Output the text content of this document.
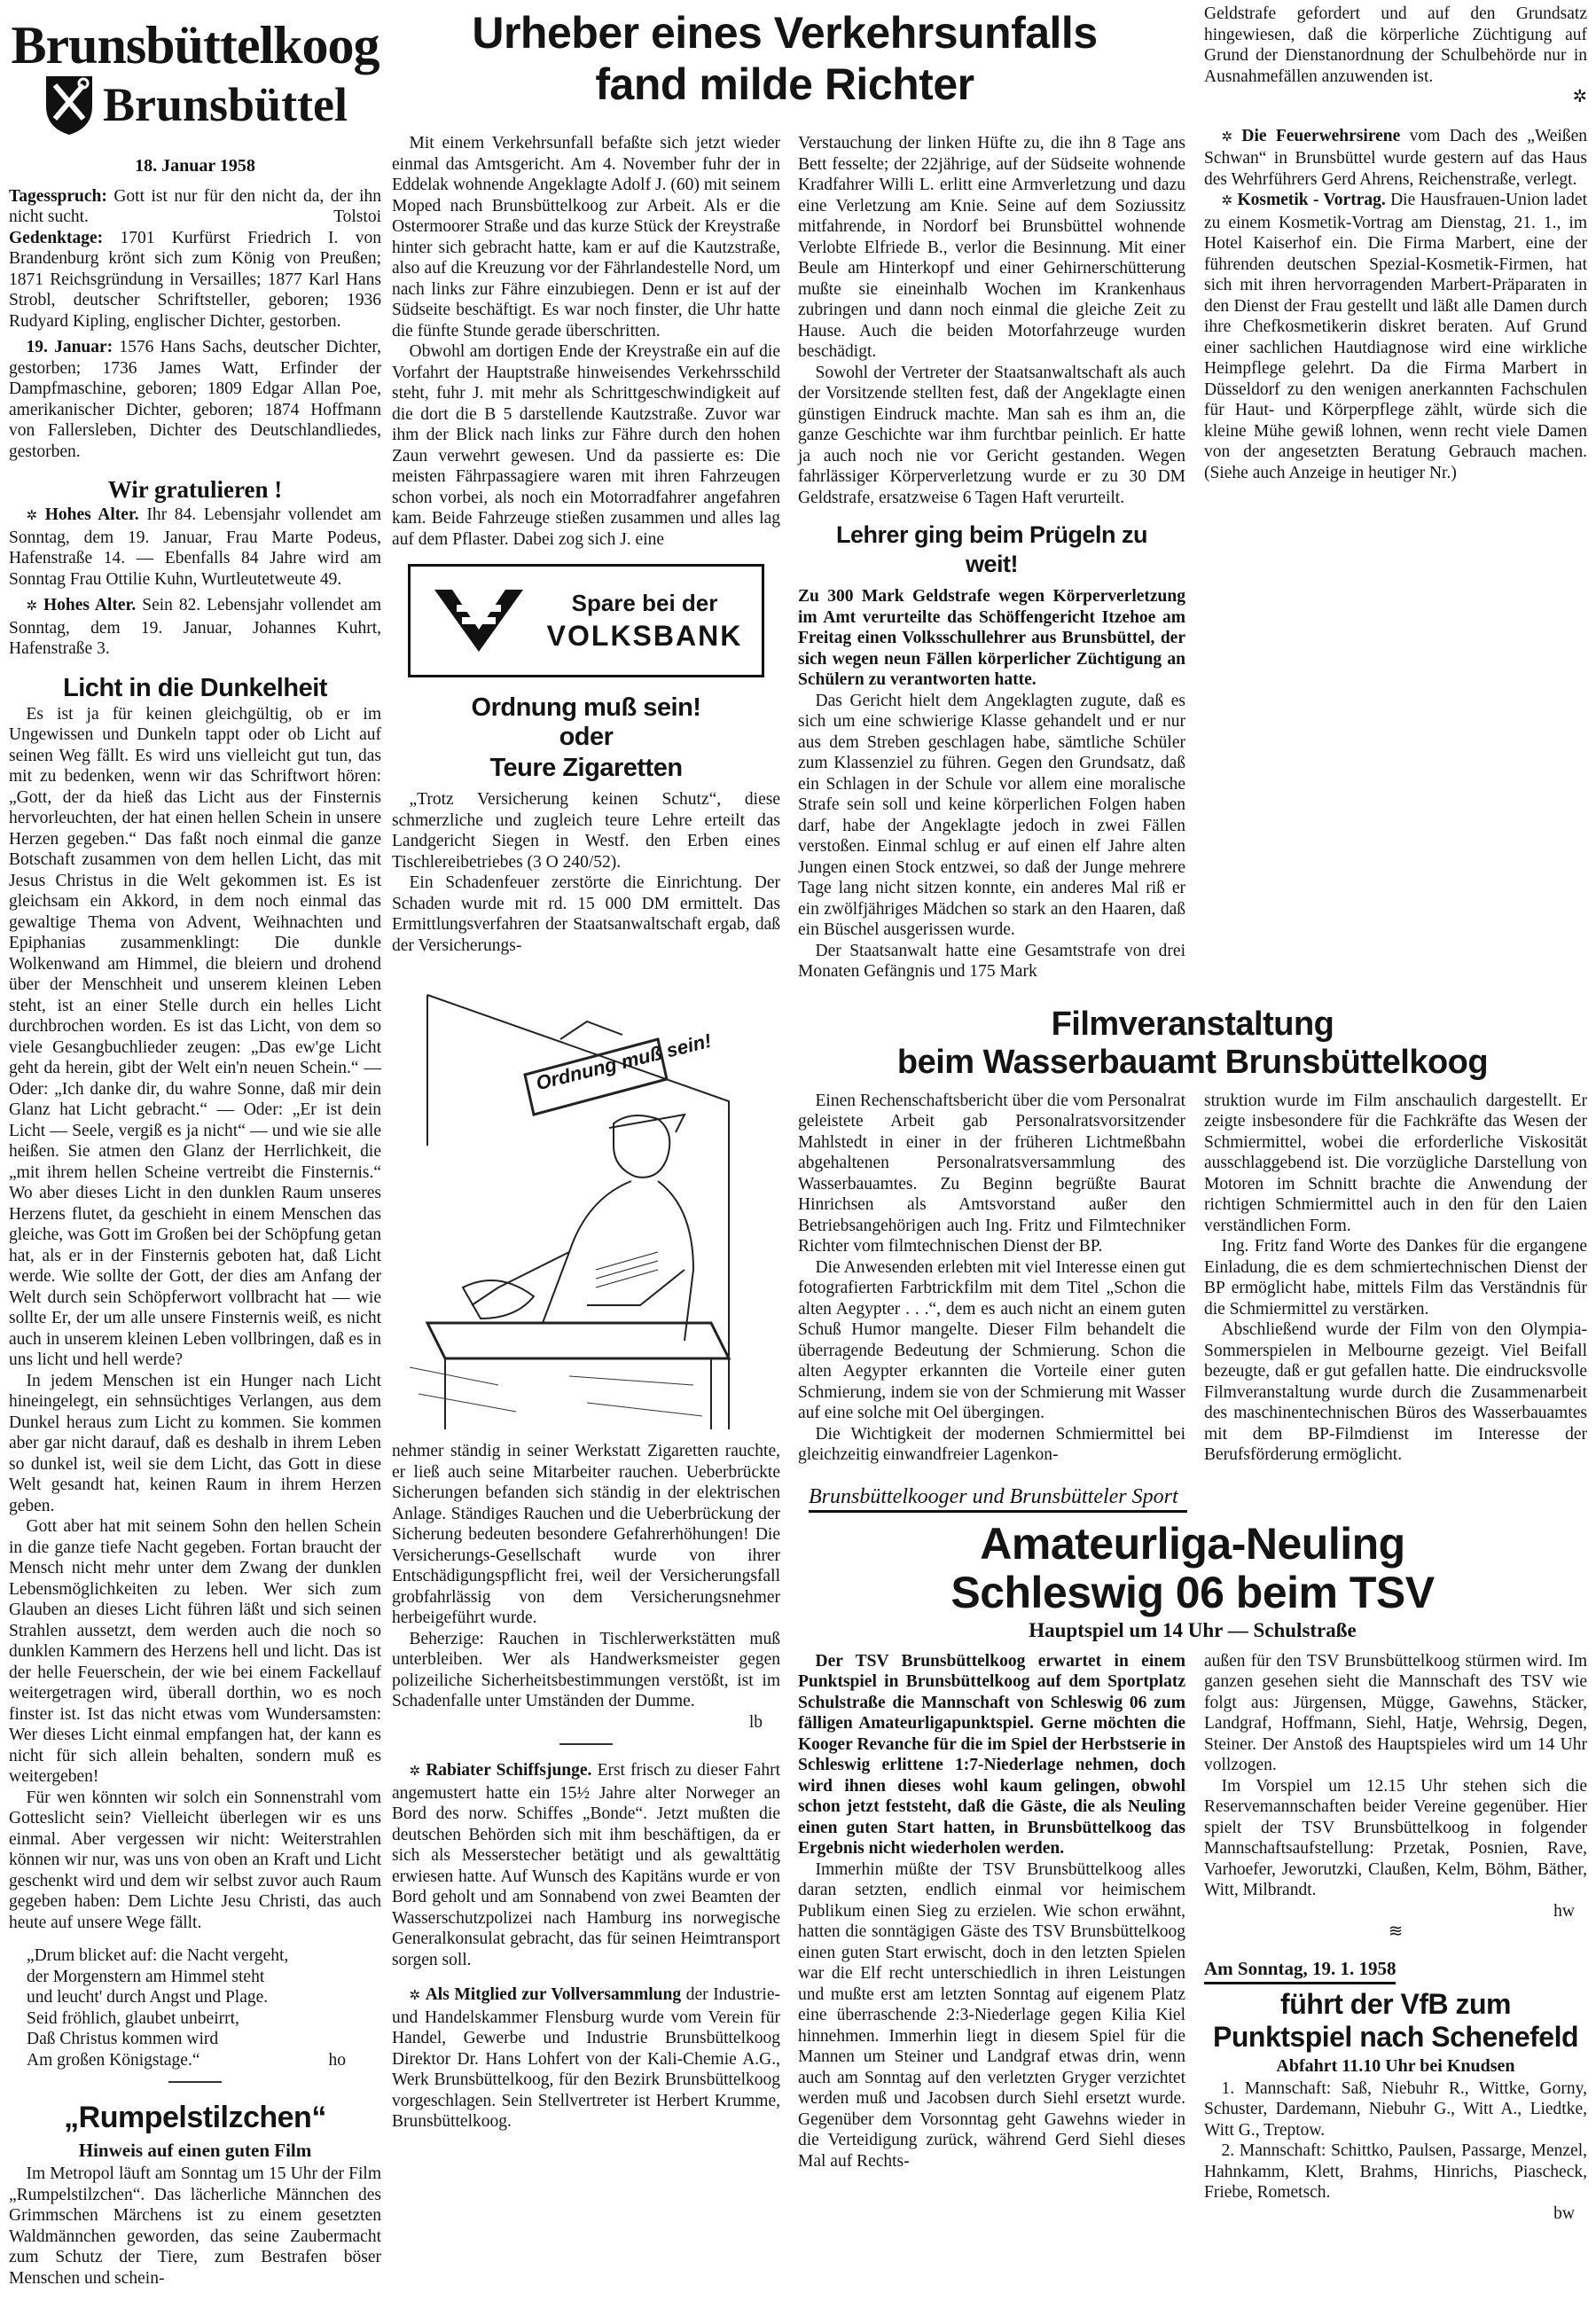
Brunsbüttelkoog
Brunsbüttel
18. Januar 1958

Tagesspruch: Gott ist nur für den nicht da, der ihn nicht sucht.	Tolstoi

Gedenktage: 1701 Kurfürst Friedrich I. von Brandenburg krönt sich zum König von Preußen; 1871 Reichsgründung in Versailles; 1877 Karl Hans Strobl, deutscher Schriftsteller, geboren; 1936 Rudyard Kipling, englischer Dichter, gestorben.

19. Januar: 1576 Hans Sachs, deutscher Dichter, gestorben; 1736 James Watt, Erfinder der Dampfmaschine, geboren; 1809 Edgar Allan Poe, amerikanischer Dichter, geboren; 1874 Hoffmann von Fallersleben, Dichter des Deutschlandliedes, gestorben.

Wir gratulieren !

✲ Hohes Alter. Ihr 84. Lebensjahr vollendet am Sonntag, dem 19. Januar, Frau Marte Podeus, Hafenstraße 14. — Ebenfalls 84 Jahre wird am Sonntag Frau Ottilie Kuhn, Wurtleutetweute 49.

✲ Hohes Alter. Sein 82. Lebensjahr vollendet am Sonntag, dem 19. Januar, Johannes Kuhrt, Hafenstraße 3.

Licht in die Dunkelheit

Es ist ja für keinen gleichgültig, ob er im Ungewissen und Dunkeln tappt oder ob Licht auf seinen Weg fällt. Es wird uns vielleicht gut tun, das mit zu bedenken, wenn wir das Schriftwort hören: „Gott, der da hieß das Licht aus der Finsternis hervorleuchten, der hat einen hellen Schein in unsere Herzen gegeben.“ Das faßt noch einmal die ganze Botschaft zusammen von dem hellen Licht, das mit Jesus Christus in die Welt gekommen ist. Es ist gleichsam ein Akkord, in dem noch einmal das gewaltige Thema von Advent, Weihnachten und Epiphanias zusammenklingt: Die dunkle Wolkenwand am Himmel, die bleiern und drohend über der Menschheit und unserem kleinen Leben steht, ist an einer Stelle durch ein helles Licht durchbrochen worden. Es ist das Licht, von dem so viele Gesangbuchlieder zeugen: „Das ew'ge Licht geht da herein, gibt der Welt ein'n neuen Schein.“ — Oder: „Ich danke dir, du wahre Sonne, daß mir dein Glanz hat Licht gebracht.“ — Oder: „Er ist dein Licht — Seele, vergiß es ja nicht“ — und wie sie alle heißen. Sie atmen den Glanz der Herrlichkeit, die „mit ihrem hellen Scheine vertreibt die Finsternis.“ Wo aber dieses Licht in den dunklen Raum unseres Herzens flutet, da geschieht in einem Menschen das gleiche, was Gott im Großen bei der Schöpfung getan hat, als er in der Finsternis geboten hat, daß Licht werde. Wie sollte der Gott, der dies am Anfang der Welt durch sein Schöpferwort vollbracht hat — wie sollte Er, der um alle unsere Finsternis weiß, es nicht auch in unserem kleinen Leben vollbringen, daß es in uns licht und hell werde?

In jedem Menschen ist ein Hunger nach Licht hineingelegt, ein sehnsüchtiges Verlangen, aus dem Dunkel heraus zum Licht zu kommen. Sie kommen aber gar nicht darauf, daß es deshalb in ihrem Leben so dunkel ist, weil sie dem Licht, das Gott in diese Welt gesandt hat, keinen Raum in ihrem Herzen geben.

Gott aber hat mit seinem Sohn den hellen Schein in die ganze tiefe Nacht gegeben. Fortan braucht der Mensch nicht mehr unter dem Zwang der dunklen Lebensmöglichkeiten zu leben. Wer sich zum Glauben an dieses Licht führen läßt und sich seinen Strahlen aussetzt, dem werden auch die noch so dunklen Kammern des Herzens hell und licht. Das ist der helle Feuerschein, der wie bei einem Fackellauf weitergetragen wird, überall dorthin, wo es noch finster ist. Ist das nicht etwas vom Wundersamsten: Wer dieses Licht einmal empfangen hat, der kann es nicht für sich allein behalten, sondern muß es weitergeben!

Für wen könnten wir solch ein Sonnenstrahl vom Gotteslicht sein? Vielleicht überlegen wir es uns einmal. Aber vergessen wir nicht: Weiterstrahlen können wir nur, was uns von oben an Kraft und Licht geschenkt wird und dem wir selbst zuvor auch Raum gegeben haben: Dem Lichte Jesu Christi, das auch heute auf unsere Wege fällt.

„Drum blicket auf: die Nacht vergeht,
der Morgenstern am Himmel steht
und leucht' durch Angst und Plage.
Seid fröhlich, glaubet unbeirrt,
Daß Christus kommen wird
Am großen Königstage.“	ho
„Rumpelstilzchen“
Hinweis auf einen guten Film

Im Metropol läuft am Sonntag um 15 Uhr der Film „Rumpelstilzchen“. Das lächerliche Männchen des Grimmschen Märchens ist zu einem gesetzten Waldmännchen geworden, das seine Zaubermacht zum Schutz der Tiere, zum Bestrafen böser Menschen und schein-

Urheber eines Verkehrsunfalls
fand milde Richter

Mit einem Verkehrsunfall befaßte sich jetzt wieder einmal das Amtsgericht. Am 4. November fuhr der in Eddelak wohnende Angeklagte Adolf J. (60) mit seinem Moped nach Brunsbüttelkoog zur Arbeit. Als er die Ostermoorer Straße und das kurze Stück der Kreystraße hinter sich gebracht hatte, kam er auf die Kautzstraße, also auf die Kreuzung vor der Fährlandestelle Nord, um nach links zur Fähre einzubiegen. Denn er ist auf der Südseite beschäftigt. Es war noch finster, die Uhr hatte die fünfte Stunde gerade überschritten.

Obwohl am dortigen Ende der Kreystraße ein auf die Vorfahrt der Hauptstraße hinweisendes Verkehrsschild steht, fuhr J. mit mehr als Schrittgeschwindigkeit auf die dort die B 5 darstellende Kautzstraße. Zuvor war ihm der Blick nach links zur Fähre durch den hohen Zaun verwehrt gewesen. Und da passierte es: Die meisten Fährpassagiere waren mit ihren Fahrzeugen schon vorbei, als noch ein Motorradfahrer angefahren kam. Beide Fahrzeuge stießen zusammen und alles lag auf dem Pflaster. Dabei zog sich J. eine

Spare bei der
VOLKSBANK
Ordnung muß sein!
oder
Teure Zigaretten

„Trotz Versicherung keinen Schutz“, diese schmerzliche und zugleich teure Lehre erteilt das Landgericht Siegen in Westf. den Erben eines Tischlereibetriebes (3 O 240/52).

Ein Schadenfeuer zerstörte die Einrichtung. Der Schaden wurde mit rd. 15 000 DM ermittelt. Das Ermittlungsverfahren der Staatsanwaltschaft ergab, daß der Versicherungs-

Ordnung muß sein!

nehmer ständig in seiner Werkstatt Zigaretten rauchte, er ließ auch seine Mitarbeiter rauchen. Ueberbrückte Sicherungen befanden sich ständig in der elektrischen Anlage. Ständiges Rauchen und die Ueberbrückung der Sicherung bedeuten besondere Gefahrerhöhungen! Die Versicherungs-Gesellschaft wurde von ihrer Entschädigungspflicht frei, weil der Versicherungsfall grobfahrlässig von dem Versicherungsnehmer herbeigeführt wurde.

Beherzige: Rauchen in Tischlerwerkstätten muß unterbleiben. Wer als Handwerksmeister gegen polizeiliche Sicherheitsbestimmungen verstößt, ist im Schadenfalle unter Umständen der Dumme.

lb

✲ Rabiater Schiffsjunge. Erst frisch zu dieser Fahrt angemustert hatte ein 15½ Jahre alter Norweger an Bord des norw. Schiffes „Bonde“. Jetzt mußten die deutschen Behörden sich mit ihm beschäftigen, da er sich als Messerstecher betätigt und als gewalttätig erwiesen hatte. Auf Wunsch des Kapitäns wurde er von Bord geholt und am Sonnabend von zwei Beamten der Wasserschutzpolizei nach Hamburg ins norwegische Generalkonsulat gebracht, das für seinen Heimtransport sorgen soll.

✲ Als Mitglied zur Vollversammlung der Industrie- und Handelskammer Flensburg wurde vom Verein für Handel, Gewerbe und Industrie Brunsbüttelkoog Direktor Dr. Hans Lohfert von der Kali-Chemie A.G., Werk Brunsbüttelkoog, für den Bezirk Brunsbüttelkoog vorgeschlagen. Sein Stellvertreter ist Herbert Krumme, Brunsbüttelkoog.

Verstauchung der linken Hüfte zu, die ihn 8 Tage ans Bett fesselte; der 22jährige, auf der Südseite wohnende Kradfahrer Willi L. erlitt eine Armverletzung und dazu eine Verletzung am Knie. Seine auf dem Soziussitz mitfahrende, in Nordorf bei Brunsbüttel wohnende Verlobte Elfriede B., verlor die Besinnung. Mit einer Beule am Hinterkopf und einer Gehirnerschütterung mußte sie eineinhalb Wochen im Krankenhaus zubringen und dann noch einmal die gleiche Zeit zu Hause. Auch die beiden Motorfahrzeuge wurden beschädigt.

Sowohl der Vertreter der Staatsanwaltschaft als auch der Vorsitzende stellten fest, daß der Angeklagte einen günstigen Eindruck machte. Man sah es ihm an, die ganze Geschichte war ihm furchtbar peinlich. Er hatte ja auch noch nie vor Gericht gestanden. Wegen fahrlässiger Körperverletzung wurde er zu 30 DM Geldstrafe, ersatzweise 6 Tagen Haft verurteilt.

Lehrer ging beim Prügeln zu weit!

Zu 300 Mark Geldstrafe wegen Körperverletzung im Amt verurteilte das Schöffengericht Itzehoe am Freitag einen Volksschullehrer aus Brunsbüttel, der sich wegen neun Fällen körperlicher Züchtigung an Schülern zu verantworten hatte.

Das Gericht hielt dem Angeklagten zugute, daß es sich um eine schwierige Klasse gehandelt und er nur aus dem Streben geschlagen habe, sämtliche Schüler zum Klassenziel zu führen. Gegen den Grundsatz, daß ein Schlagen in der Schule vor allem eine moralische Strafe sein soll und keine körperlichen Folgen haben darf, habe der Angeklagte jedoch in zwei Fällen verstoßen. Einmal schlug er auf einen elf Jahre alten Jungen einen Stock entzwei, so daß der Junge mehrere Tage lang nicht sitzen konnte, ein anderes Mal riß er ein zwölfjähriges Mädchen so stark an den Haaren, daß ein Büschel ausgerissen wurde.

Der Staatsanwalt hatte eine Gesamtstrafe von drei Monaten Gefängnis und 175 Mark

Geldstrafe gefordert und auf den Grundsatz hingewiesen, daß die körperliche Züchtigung auf Grund der Dienstanordnung der Schulbehörde nur in Ausnahmefällen anzuwenden ist.

✲

✲ Die Feuerwehrsirene vom Dach des „Weißen Schwan“ in Brunsbüttel wurde gestern auf das Haus des Wehrführers Gerd Ahrens, Reichenstraße, verlegt.

✲ Kosmetik - Vortrag. Die Hausfrauen-Union ladet zu einem Kosmetik-Vortrag am Dienstag, 21. 1., im Hotel Kaiserhof ein. Die Firma Marbert, eine der führenden deutschen Spezial-Kosmetik-Firmen, hat sich mit ihren hervorragenden Marbert-Präparaten in den Dienst der Frau gestellt und läßt alle Damen durch ihre Chefkosmetikerin diskret beraten. Auf Grund einer sachlichen Hautdiagnose wird eine wirkliche Heimpflege gelehrt. Da die Firma Marbert in Düsseldorf zu den wenigen anerkannten Fachschulen für Haut- und Körperpflege zählt, würde sich die kleine Mühe gewiß lohnen, wenn recht viele Damen von der angesetzten Beratung Gebrauch machen. (Siehe auch Anzeige in heutiger Nr.)

Filmveranstaltung
beim Wasserbauamt Brunsbüttelkoog

Einen Rechenschaftsbericht über die vom Personalrat geleistete Arbeit gab Personalratsvorsitzender Mahlstedt in einer in der früheren Lichtmeßbahn abgehaltenen Personalratsversammlung des Wasserbauamtes. Zu Beginn begrüßte Baurat Hinrichsen als Amtsvorstand außer den Betriebsangehörigen auch Ing. Fritz und Filmtechniker Richter vom filmtechnischen Dienst der BP.

Die Anwesenden erlebten mit viel Interesse einen gut fotografierten Farbtrickfilm mit dem Titel „Schon die alten Aegypter . . .“, dem es auch nicht an einem guten Schuß Humor mangelte. Dieser Film behandelt die überragende Bedeutung der Schmierung. Schon die alten Aegypter erkannten die Vorteile einer guten Schmierung, indem sie von der Schmierung mit Wasser auf eine solche mit Oel übergingen.

Die Wichtigkeit der modernen Schmiermittel bei gleichzeitig einwandfreier Lagenkon-

struktion wurde im Film anschaulich dargestellt. Er zeigte insbesondere für die Fachkräfte das Wesen der Schmiermittel, wobei die erforderliche Viskosität ausschlaggebend ist. Die vorzügliche Darstellung von Motoren im Schnitt brachte die Anwendung der richtigen Schmiermittel auch in den für den Laien verständlichen Form.

Ing. Fritz fand Worte des Dankes für die ergangene Einladung, die es dem schmiertechnischen Dienst der BP ermöglicht habe, mittels Film das Verständnis für die Schmiermittel zu verstärken.

Abschließend wurde der Film von den Olympia-Sommerspielen in Melbourne gezeigt. Viel Beifall bezeugte, daß er gut gefallen hatte. Die eindrucksvolle Filmveranstaltung wurde durch die Zusammenarbeit des maschinentechnischen Büros des Wasserbauamtes mit dem BP-Filmdienst im Interesse der Berufsförderung ermöglicht.

Brunsbüttelkooger und Brunsbütteler Sport
Amateurliga-Neuling
Schleswig 06 beim TSV
Hauptspiel um 14 Uhr — Schulstraße

Der TSV Brunsbüttelkoog erwartet in einem Punktspiel in Brunsbüttelkoog auf dem Sportplatz Schulstraße die Mannschaft von Schleswig 06 zum fälligen Amateurligapunktspiel. Gerne möchten die Kooger Revanche für die im Spiel der Herbstserie in Schleswig erlittene 1:7-Niederlage nehmen, doch wird ihnen dieses wohl kaum gelingen, obwohl schon jetzt feststeht, daß die Gäste, die als Neuling einen guten Start hatten, in Brunsbüttelkoog das Ergebnis nicht wiederholen werden.

Immerhin müßte der TSV Brunsbüttelkoog alles daran setzten, endlich einmal vor heimischem Publikum einen Sieg zu erzielen. Wie schon erwähnt, hatten die sonntägigen Gäste des TSV Brunsbüttelkoog einen guten Start erwischt, doch in den letzten Spielen war die Elf recht unterschiedlich in ihren Leistungen und mußte erst am letzten Sonntag auf eigenem Platz eine überraschende 2:3-Niederlage gegen Kilia Kiel hinnehmen. Immerhin liegt in diesem Spiel für die Mannen um Steiner und Landgraf etwas drin, wenn auch am Sonntag auf den verletzten Gryger verzichtet werden muß und Jacobsen durch Siehl ersetzt wurde. Gegenüber dem Vorsonntag geht Gawehns wieder in die Verteidigung zurück, während Gerd Siehl dieses Mal auf Rechts-

außen für den TSV Brunsbüttelkoog stürmen wird. Im ganzen gesehen sieht die Mannschaft des TSV wie folgt aus: Jürgensen, Mügge, Gawehns, Stäcker, Landgraf, Hoffmann, Siehl, Hatje, Wehrsig, Degen, Steiner. Der Anstoß des Hauptspieles wird um 14 Uhr vollzogen.

Im Vorspiel um 12.15 Uhr stehen sich die Reservemannschaften beider Vereine gegenüber. Hier spielt der TSV Brunsbüttelkoog in folgender Mannschaftsaufstellung: Przetak, Posnien, Rave, Varhoefer, Jeworutzki, Claußen, Kelm, Böhm, Bäther, Witt, Milbrandt.

hw
≋
Am Sonntag, 19. 1. 1958
führt der VfB zum
Punktspiel nach Schenefeld
Abfahrt 11.10 Uhr bei Knudsen

1. Mannschaft: Saß, Niebuhr R., Wittke, Gorny, Schuster, Dardemann, Niebuhr G., Witt A., Liedtke, Witt G., Treptow.

2. Mannschaft: Schittko, Paulsen, Passarge, Menzel, Hahnkamm, Klett, Brahms, Hinrichs, Piascheck, Friebe, Rometsch.

bw
